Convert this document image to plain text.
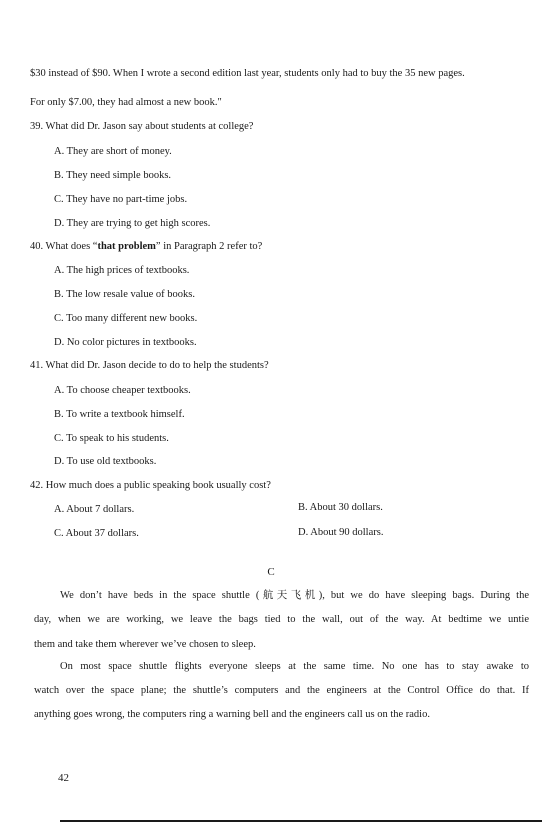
$30 instead of $90. When I wrote a second edition last year, students only had to buy the 35 new pages.
For only $7.00, they had almost a new book."
39. What did Dr. Jason say about students at college?
A. They are short of money.
B. They need simple books.
C. They have no part-time jobs.
D. They are trying to get high scores.
40. What does “that problem” in Paragraph 2 refer to?
A. The high prices of textbooks.
B. The low resale value of books.
C. Too many different new books.
D. No color pictures in textbooks.
41. What did Dr. Jason decide to do to help the students?
A. To choose cheaper textbooks.
B. To write a textbook himself.
C. To speak to his students.
D. To use old textbooks.
42. How much does a public speaking book usually cost?
A. About 7 dollars.	B. About 30 dollars.
C. About 37 dollars.	D. About 90 dollars.
C
We don’t have beds in the space shuttle (航天飞机), but we do have sleeping bags. During the
day, when we are working, we leave the bags tied to the wall, out of the way. At bedtime we untie
them and take them wherever we’ve chosen to sleep.
On most space shuttle flights everyone sleeps at the same time. No one has to stay awake to
watch over the space plane; the shuttle’s computers and the engineers at the Control Office do that. If
anything goes wrong, the computers ring a warning bell and the engineers call us on the radio.
42
